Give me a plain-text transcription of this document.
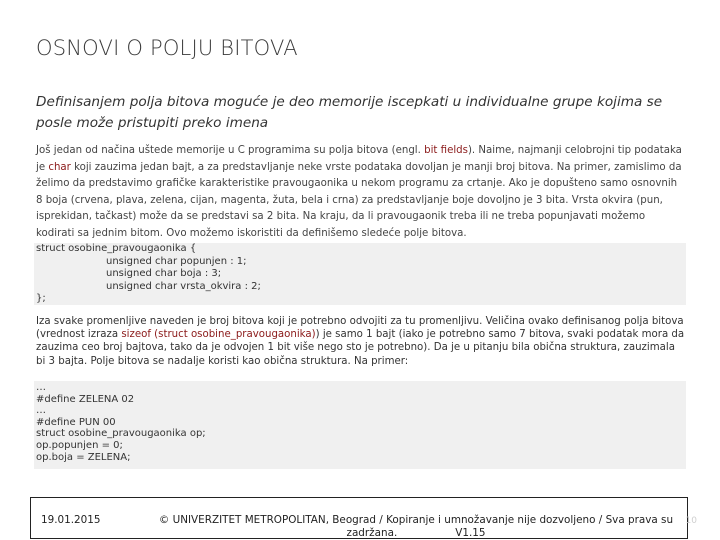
OSNOVI O POLJU BITOVA
Definisanjem polja bitova moguće je deo memorije iscepkati u individualne grupe kojima se posle može pristupiti preko imena
Još jedan od načina uštede memorije u C programima su polja bitova (engl. bit fields). Naime, najmanji celobrojni tip podataka je char koji zauzima jedan bajt, a za predstavljanje neke vrste podataka dovoljan je manji broj bitova. Na primer, zamislimo da želimo da predstavimo grafičke karakteristike pravougaonika u nekom programu za crtanje. Ako je dopušteno samo osnovnih 8 boja (crvena, plava, zelena, cijan, magenta, žuta, bela i crna) za predstavljanje boje dovoljno je 3 bita. Vrsta okvira (pun, isprekidan, tačkast) može da se predstavi sa 2 bita. Na kraju, da li pravougaonik treba ili ne treba popunjavati možemo kodirati sa jednim bitom. Ovo možemo iskoristiti da definišemo sledeće polje bitova.
struct osobine_pravougaonika {
unsigned char popunjen : 1;
unsigned char boja : 3;
unsigned char vrsta_okvira : 2;
};
Iza svake promenljive naveden je broj bitova koji je potrebno odvojiti za tu promenljivu. Veličina ovako definisanog polja bitova (vrednost izraza sizeof (struct osobine_pravougaonika)) je samo 1 bajt (iako je potrebno samo 7 bitova, svaki podatak mora da zauzima ceo broj bajtova, tako da je odvojen 1 bit više nego sto je potrebno). Da je u pitanju bila obična struktura, zauzimala bi 3 bajta. Polje bitova se nadalje koristi kao obična struktura. Na primer:
…
#define ZELENA 02
…
#define PUN 00
struct osobine_pravougaonika op;
op.popunjen = 0;
op.boja = ZELENA;
19.01.2015	© UNIVERZITET METROPOLITAN, Beograd / Kopiranje i umnožavanje nije dozvoljeno / Sva prava su
zadržana.	V1.15
10
